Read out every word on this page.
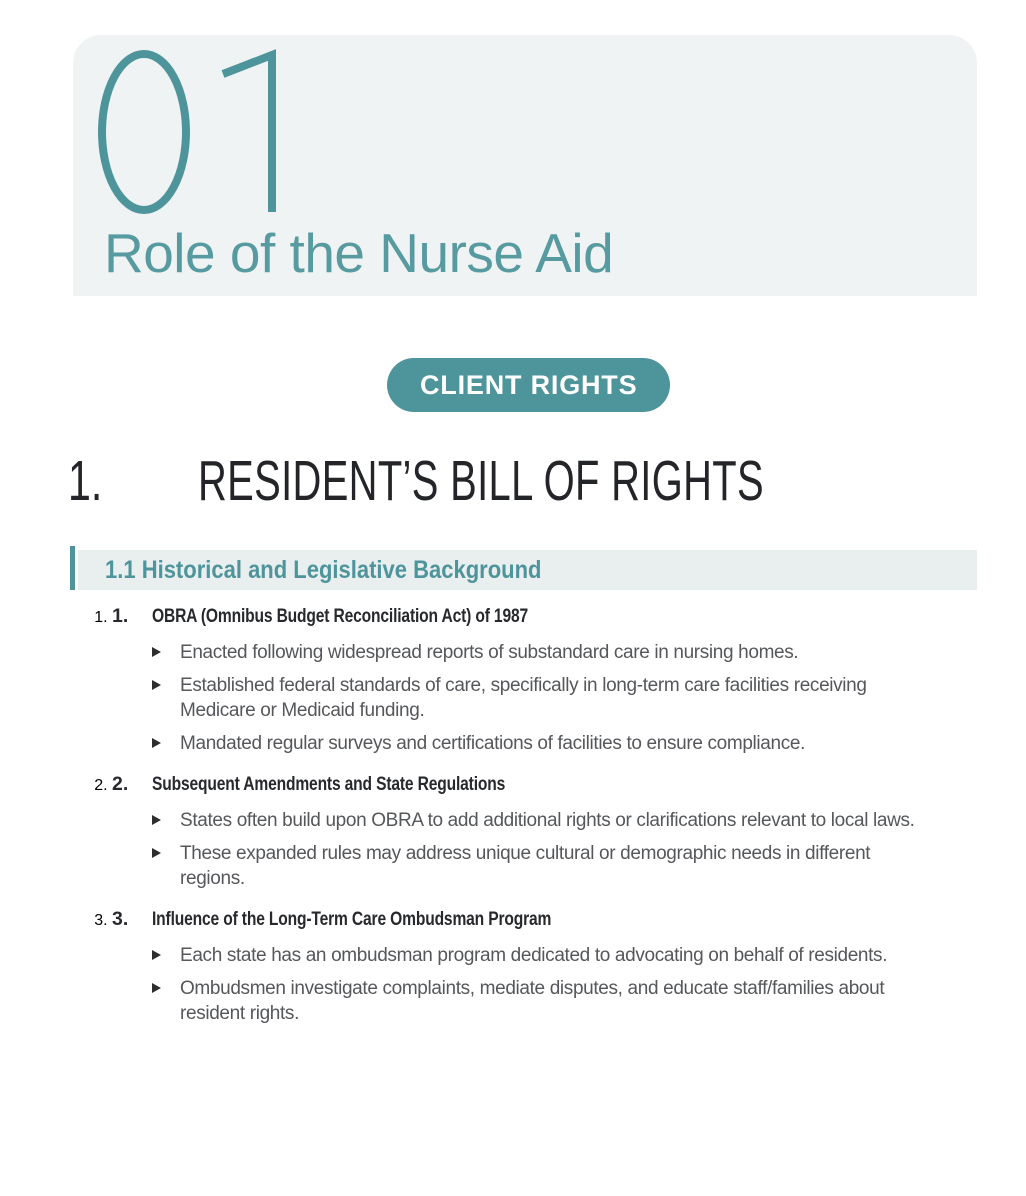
Role of the Nurse Aid
CLIENT RIGHTS
1. RESIDENT’S BILL OF RIGHTS
1.1 Historical and Legislative Background
1. 1.	OBRA (Omnibus Budget Reconciliation Act) of 1987
Enacted following widespread reports of substandard care in nursing homes.
Established federal standards of care, specifically in long-term care facilities receiving
Medicare or Medicaid funding.
Mandated regular surveys and certifications of facilities to ensure compliance.
2. 2.	Subsequent Amendments and State Regulations
States often build upon OBRA to add additional rights or clarifications relevant to local laws.
These expanded rules may address unique cultural or demographic needs in different
regions.
3. 3.	Influence of the Long-Term Care Ombudsman Program
Each state has an ombudsman program dedicated to advocating on behalf of residents.
Ombudsmen investigate complaints, mediate disputes, and educate staff/families about
resident rights.
